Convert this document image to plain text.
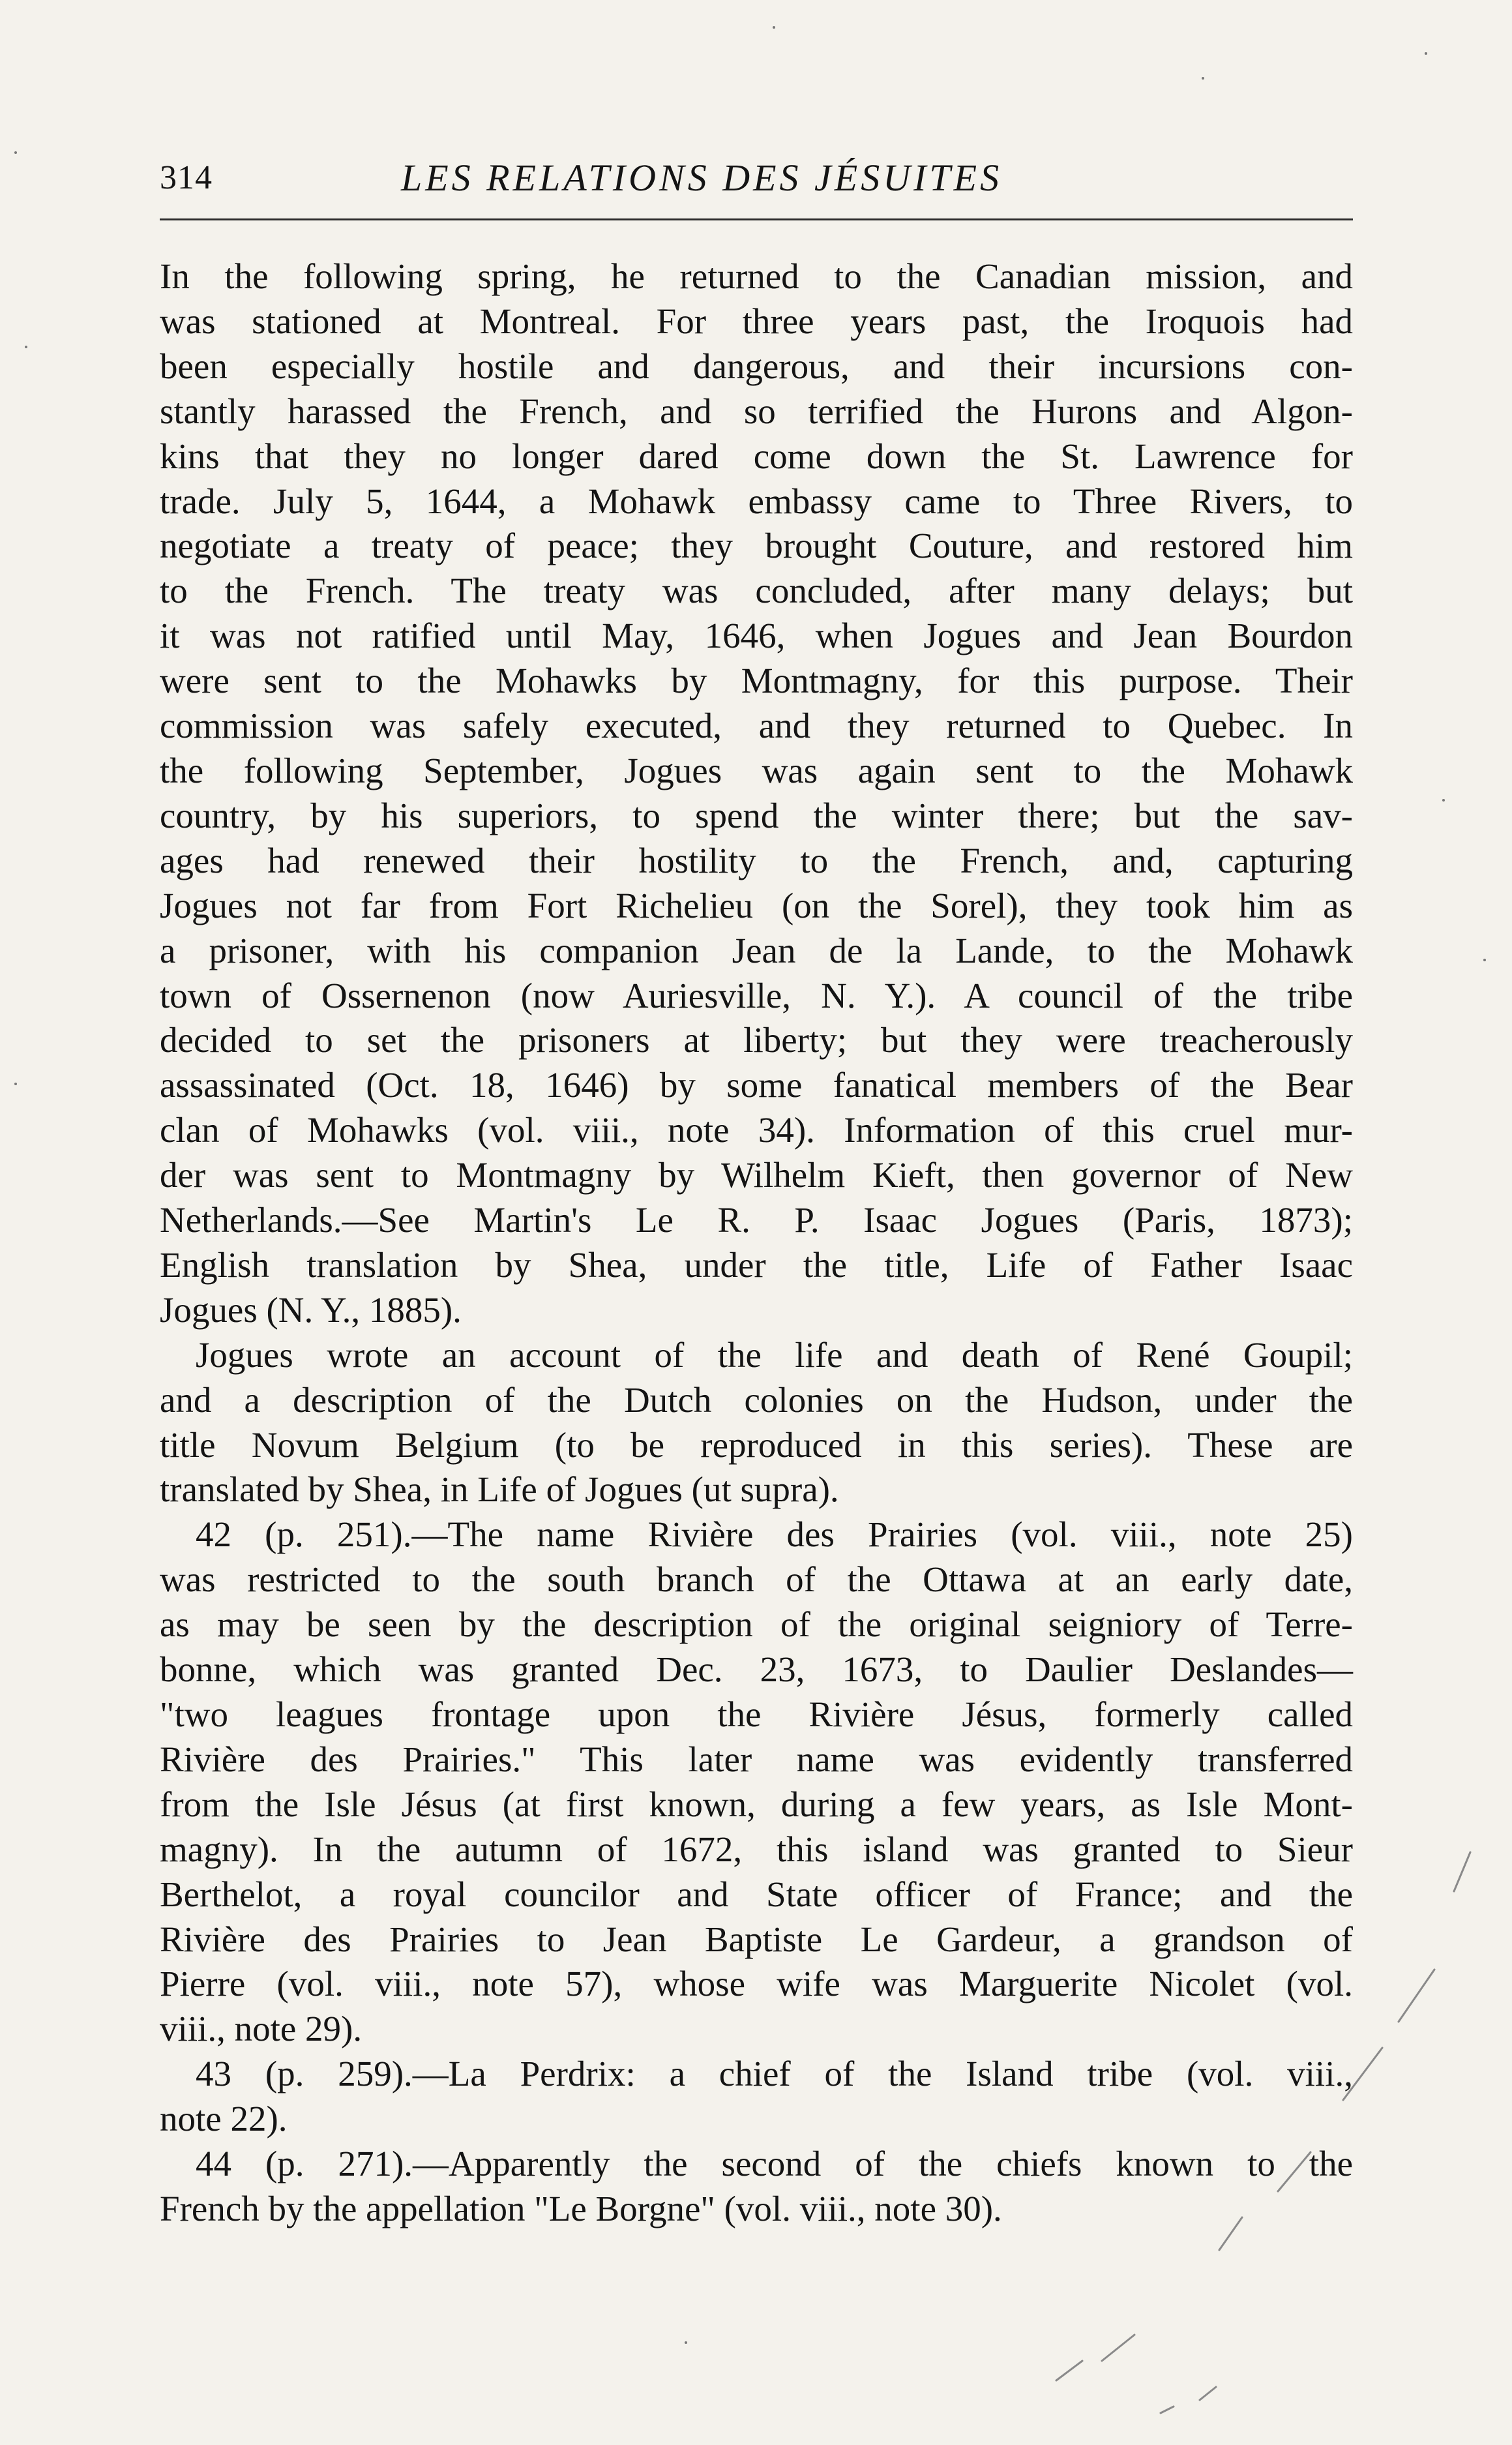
314	LES RELATIONS DES JÉSUITES
In the following spring, he returned to the Canadian mission, and
was stationed at Montreal. For three years past, the Iroquois had
been especially hostile and dangerous, and their incursions con-
stantly harassed the French, and so terrified the Hurons and Algon-
kins that they no longer dared come down the St. Lawrence for
trade. July 5, 1644, a Mohawk embassy came to Three Rivers, to
negotiate a treaty of peace; they brought Couture, and restored him
to the French. The treaty was concluded, after many delays; but
it was not ratified until May, 1646, when Jogues and Jean Bourdon
were sent to the Mohawks by Montmagny, for this purpose. Their
commission was safely executed, and they returned to Quebec. In
the following September, Jogues was again sent to the Mohawk
country, by his superiors, to spend the winter there; but the sav-
ages had renewed their hostility to the French, and, capturing
Jogues not far from Fort Richelieu (on the Sorel), they took him as
a prisoner, with his companion Jean de la Lande, to the Mohawk
town of Ossernenon (now Auriesville, N. Y.). A council of the tribe
decided to set the prisoners at liberty; but they were treacherously
assassinated (Oct. 18, 1646) by some fanatical members of the Bear
clan of Mohawks (vol. viii., note 34). Information of this cruel mur-
der was sent to Montmagny by Wilhelm Kieft, then governor of New
Netherlands.—See Martin's Le R. P. Isaac Jogues (Paris, 1873);
English translation by Shea, under the title, Life of Father Isaac
Jogues (N. Y., 1885).
Jogues wrote an account of the life and death of René Goupil;
and a description of the Dutch colonies on the Hudson, under the
title Novum Belgium (to be reproduced in this series). These are
translated by Shea, in Life of Jogues (ut supra).
42 (p. 251).—The name Rivière des Prairies (vol. viii., note 25)
was restricted to the south branch of the Ottawa at an early date,
as may be seen by the description of the original seigniory of Terre-
bonne, which was granted Dec. 23, 1673, to Daulier Deslandes—
"two leagues frontage upon the Rivière Jésus, formerly called
Rivière des Prairies." This later name was evidently transferred
from the Isle Jésus (at first known, during a few years, as Isle Mont-
magny). In the autumn of 1672, this island was granted to Sieur
Berthelot, a royal councilor and State officer of France; and the
Rivière des Prairies to Jean Baptiste Le Gardeur, a grandson of
Pierre (vol. viii., note 57), whose wife was Marguerite Nicolet (vol.
viii., note 29).
43 (p. 259).—La Perdrix: a chief of the Island tribe (vol. viii.,
note 22).
44 (p. 271).—Apparently the second of the chiefs known to the
French by the appellation "Le Borgne" (vol. viii., note 30).
